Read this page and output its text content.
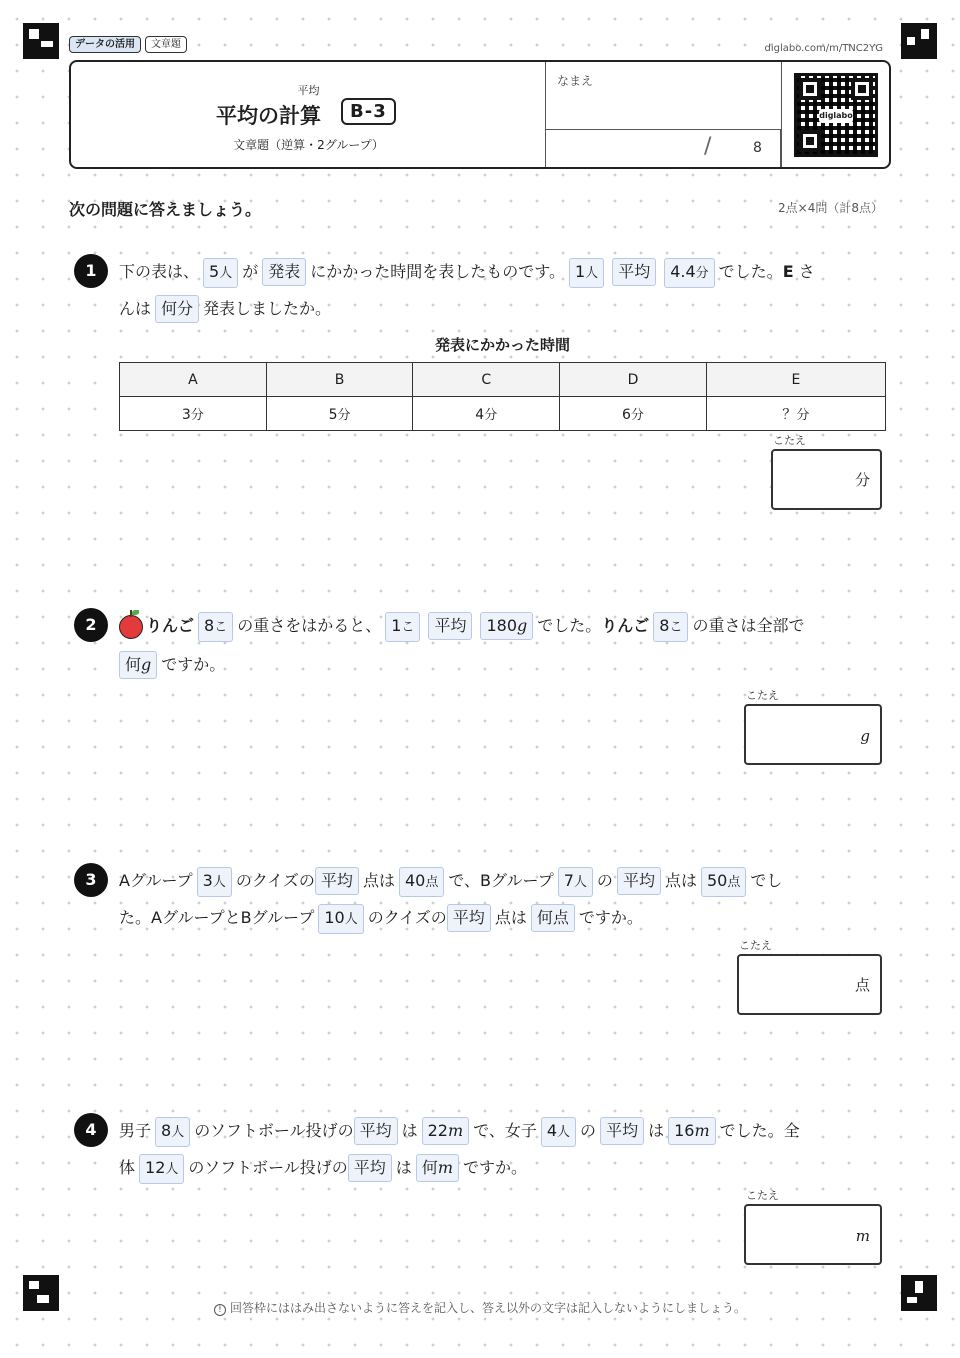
データの活用	文章題	diglabo.com/m/TNC2YG
平均
平均の計算	B-3
文章題（逆算・2グループ）
なまえ
/	8
diglabo
次の問題に答えましょう。	2点×4問（計8点）
1	下の表は、 5人 が 発表 にかかった時間を表したものです。 1人 平均 4.4分 でした。E さ
んは 何分 発表しましたか。
発表にかかった時間
A	B	C	D	E
3分	5分	4分	6分	？分
こたえ
分
2	りんご 8こ の重さをはかると、 1こ 平均 180g でした。りんご 8こ の重さは全部で
何g ですか。
こたえ
g
3	Aグループ 3人 のクイズの 平均 点は 40点 で、Bグループ 7人 の 平均 点は 50点 でし
た。AグループとBグループ 10人 のクイズの 平均 点は 何点 ですか。
こたえ
点
4	男子 8人 のソフトボール投げの 平均 は 22m で、女子 4人 の 平均 は 16m でした。全
体 12人 のソフトボール投げの 平均 は 何m ですか。
こたえ
m
! 回答枠にははみ出さないように答えを記入し、答え以外の文字は記入しないようにしましょう。
